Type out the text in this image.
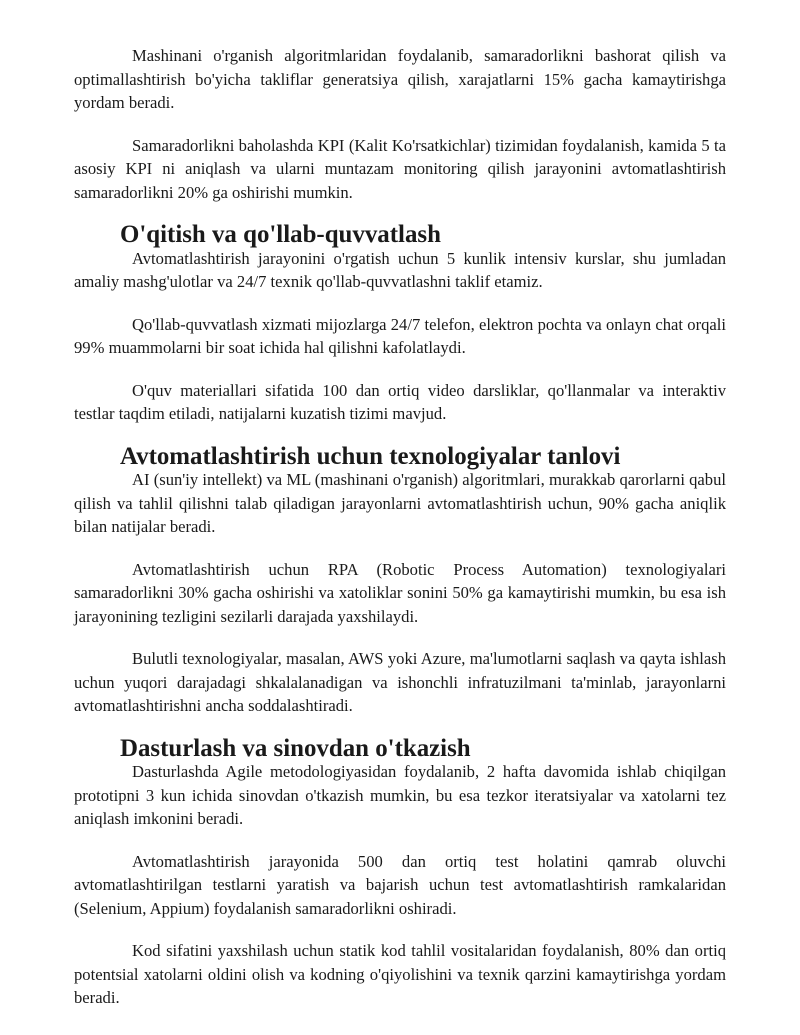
Mashinani o'rganish algoritmlaridan foydalanib, samaradorlikni bashorat qilish va optimallashtirish bo'yicha takliflar generatsiya qilish, xarajatlarni 15% gacha kamaytirishga yordam beradi.

Samaradorlikni baholashda KPI (Kalit Ko'rsatkichlar) tizimidan foydalanish, kamida 5 ta asosiy KPI ni aniqlash va ularni muntazam monitoring qilish jarayonini avtomatlashtirish samaradorlikni 20% ga oshirishi mumkin.

O'qitish va qo'llab-quvvatlash

Avtomatlashtirish jarayonini o'rgatish uchun 5 kunlik intensiv kurslar, shu jumladan amaliy mashg'ulotlar va 24/7 texnik qo'llab-quvvatlashni taklif etamiz.

Qo'llab-quvvatlash xizmati mijozlarga 24/7 telefon, elektron pochta va onlayn chat orqali 99% muammolarni bir soat ichida hal qilishni kafolatlaydi.

O'quv materiallari sifatida 100 dan ortiq video darsliklar, qo'llanmalar va interaktiv testlar taqdim etiladi, natijalarni kuzatish tizimi mavjud.

Avtomatlashtirish uchun texnologiyalar tanlovi

AI (sun'iy intellekt) va ML (mashinani o'rganish) algoritmlari, murakkab qarorlarni qabul qilish va tahlil qilishni talab qiladigan jarayonlarni avtomatlashtirish uchun, 90% gacha aniqlik bilan natijalar beradi.

Avtomatlashtirish uchun RPA (Robotic Process Automation) texnologiyalari samaradorlikni 30% gacha oshirishi va xatoliklar sonini 50% ga kamaytirishi mumkin, bu esa ish jarayonining tezligini sezilarli darajada yaxshilaydi.

Bulutli texnologiyalar, masalan, AWS yoki Azure, ma'lumotlarni saqlash va qayta ishlash uchun yuqori darajadagi shkalalanadigan va ishonchli infratuzilmani ta'minlab, jarayonlarni avtomatlashtirishni ancha soddalashtiradi.

Dasturlash va sinovdan o'tkazish

Dasturlashda Agile metodologiyasidan foydalanib, 2 hafta davomida ishlab chiqilgan prototipni 3 kun ichida sinovdan o'tkazish mumkin, bu esa tezkor iteratsiyalar va xatolarni tez aniqlash imkonini beradi.

Avtomatlashtirish jarayonida 500 dan ortiq test holatini qamrab oluvchi avtomatlashtirilgan testlarni yaratish va bajarish uchun test avtomatlashtirish ramkalaridan (Selenium, Appium) foydalanish samaradorlikni oshiradi.

Kod sifatini yaxshilash uchun statik kod tahlil vositalaridan foydalanish, 80% dan ortiq potentsial xatolarni oldini olish va kodning o'qiyolishini va texnik qarzini kamaytirishga yordam beradi.
